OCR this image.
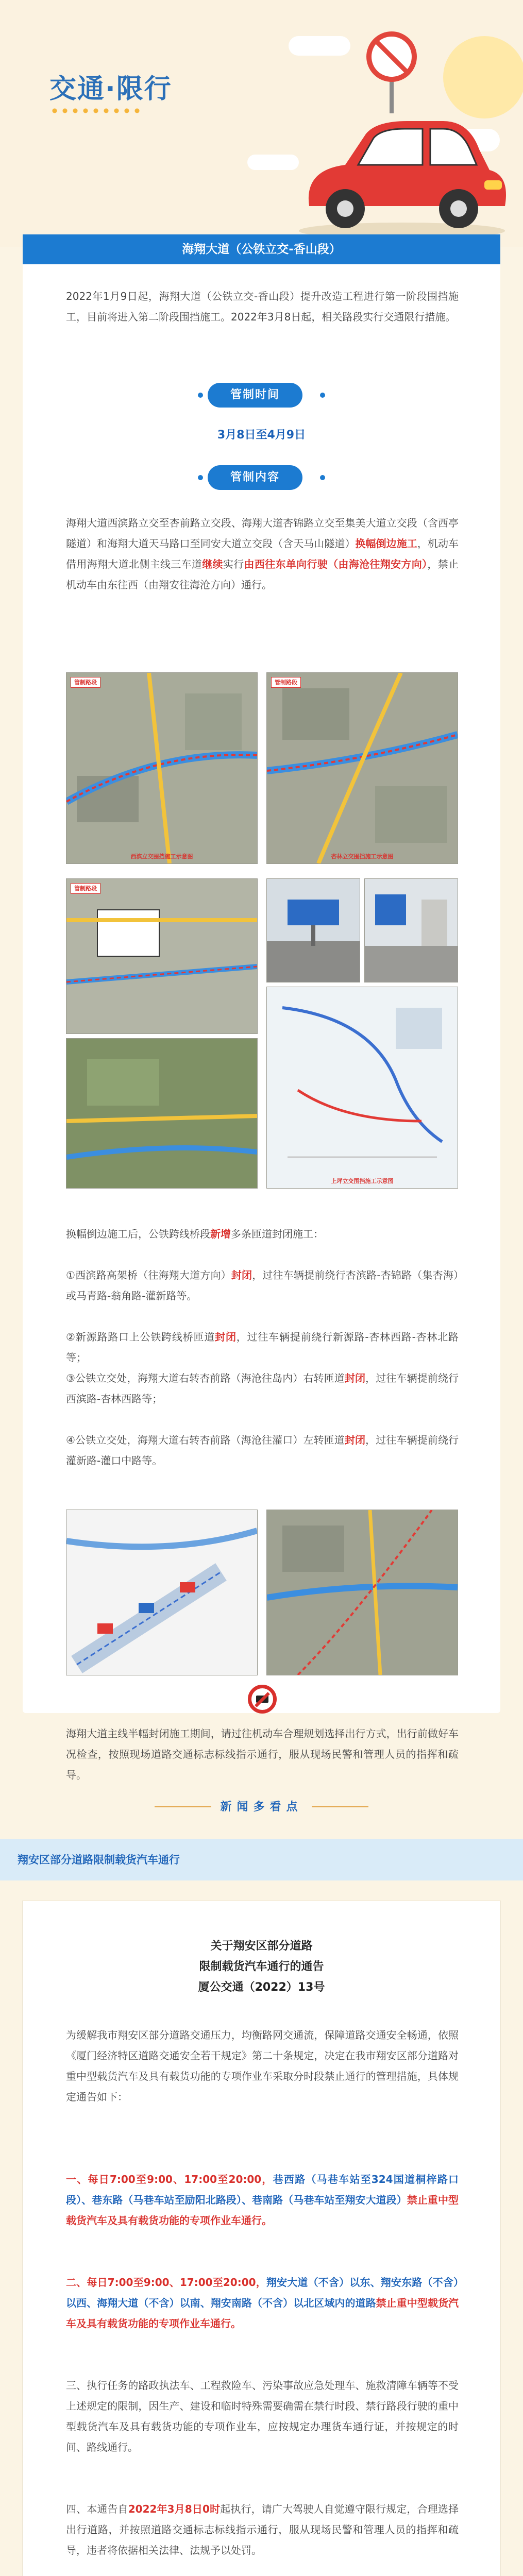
交通·限行
海翔大道（公铁立交-香山段）
2022年1月9日起，海翔大道（公铁立交-香山段）提升改造工程进行第一阶段围挡施工，目前将进入第二阶段围挡施工。2022年3月8日起，相关路段实行交通限行措施。
管制时间
3月8日至4月9日
管制内容
海翔大道西滨路立交至杏前路立交段、海翔大道杏锦路立交至集美大道立交段（含西亭隧道）和海翔大道天马路口至同安大道立交段（含天马山隧道）换幅倒边施工，机动车借用海翔大道北侧主线三车道继续实行由西往东单向行驶（由海沧往翔安方向），禁止机动车由东往西（由翔安往海沧方向）通行。
管制路段
西滨立交围挡施工示意图
管制路段
杏林立交围挡施工示意图
管制路段
上坪立交围挡施工示意图
换幅倒边施工后，公铁跨线桥段新增多条匝道封闭施工：
①西滨路高架桥（往海翔大道方向）封闭，过往车辆提前绕行杏滨路-杏锦路（集杏海）或马青路-翁角路-灌新路等。
②新源路路口上公铁跨线桥匝道封闭，过往车辆提前绕行新源路-杏林西路-杏林北路等；
③公铁立交处，海翔大道右转杏前路（海沧往岛内）右转匝道封闭，过往车辆提前绕行西滨路-杏林西路等；
④公铁立交处，海翔大道右转杏前路（海沧往灌口）左转匝道封闭，过往车辆提前绕行灌新路-灌口中路等。
新闻多看点
翔安区部分道路限制载货汽车通行
关于翔安区部分道路
限制载货汽车通行的通告
厦公交通（2022）13号
为缓解我市翔安区部分道路交通压力，均衡路网交通流，保障道路交通安全畅通，依照《厦门经济特区道路交通安全若干规定》第二十条规定，决定在我市翔安区部分道路对重中型载货汽车及具有载货功能的专项作业车采取分时段禁止通行的管理措施，具体规定通告如下：
一、每日7:00至9:00、17:00至20:00，巷西路（马巷车站至324国道桐梓路口段）、巷东路（马巷车站至励阳北路段）、巷南路（马巷车站至翔安大道段）禁止重中型载货汽车及具有载货功能的专项作业车通行。
二、每日7:00至9:00、17:00至20:00，翔安大道（不含）以东、翔安东路（不含）以西、海翔大道（不含）以南、翔安南路（不含）以北区域内的道路禁止重中型载货汽车及具有载货功能的专项作业车通行。
三、执行任务的路政执法车、工程救险车、污染事故应急处理车、施救清障车辆等不受上述规定的限制，因生产、建设和临时特殊需要确需在禁行时段、禁行路段行驶的重中型载货汽车及具有载货功能的专项作业车，应按规定办理货车通行证，并按规定的时间、路线通行。
四、本通告自2022年3月8日0时起执行，请广大驾驶人自觉遵守限行规定，合理选择出行道路，并按照道路交通标志标线指示通行，服从现场民警和管理人员的指挥和疏导，违者将依据相关法律、法规予以处罚。
海翔大道主线半幅封闭施工期间，请过往机动车合理规划选择出行方式，出行前做好车况检查，按照现场道路交通标志标线指示通行，服从现场民警和管理人员的指挥和疏导。
